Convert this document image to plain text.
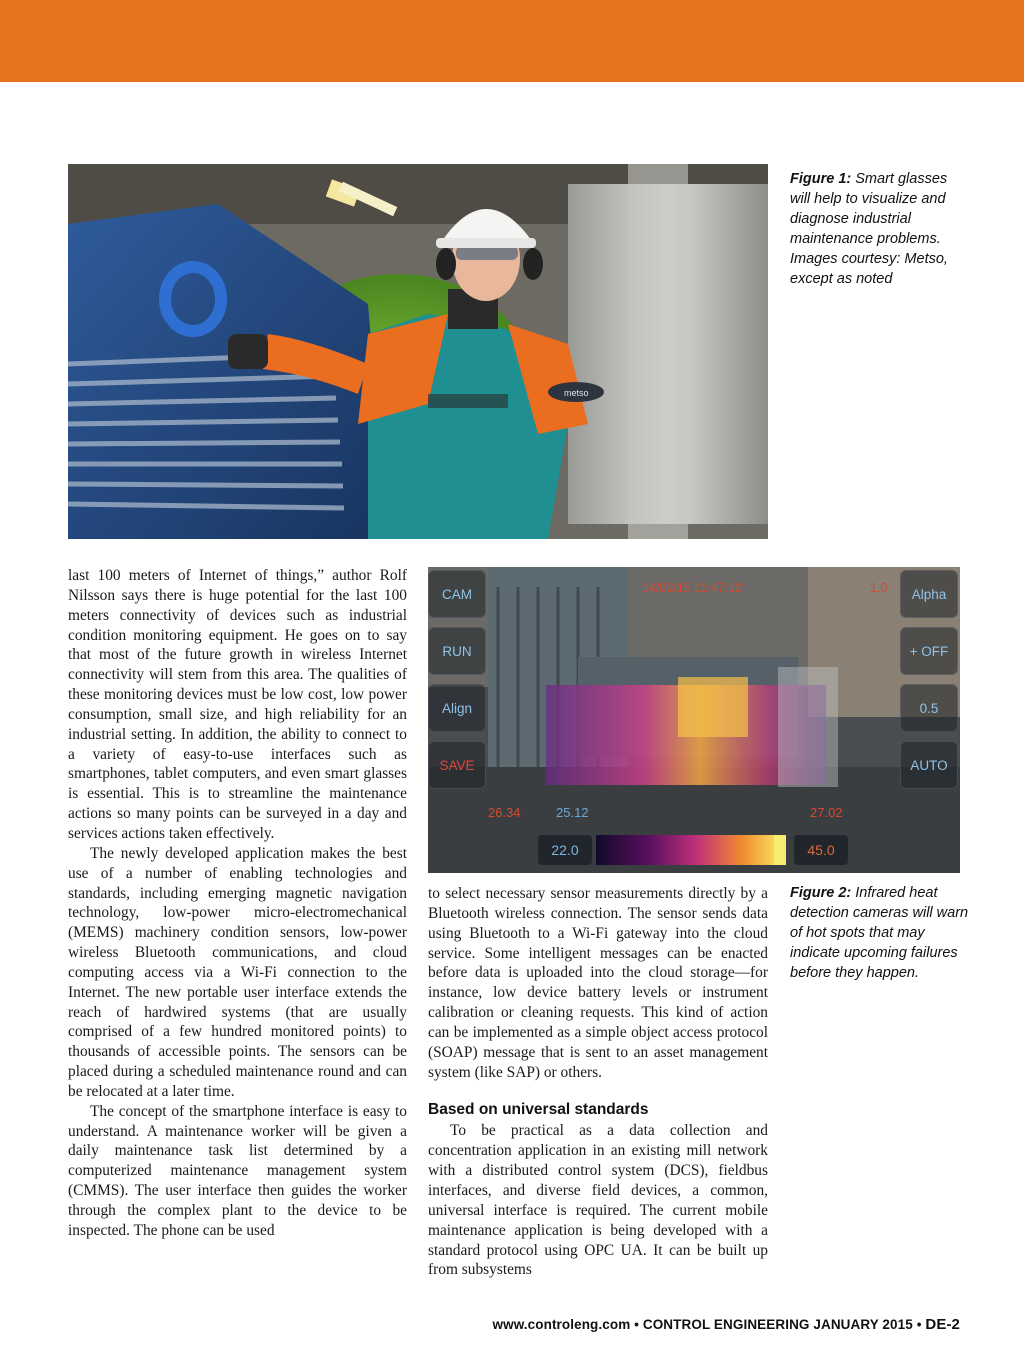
metso
Figure 1: Smart glasses will help to visualize and diagnose industrial maintenance problems. Images courtesy: Metso, except as noted
CAM
RUN
Align
SAVE
Alpha
+ OFF
0.5
AUTO
14/02/15 11:47:12	1.0
26.34	25.12	27.02
22.0	45.0
Figure 2: Infrared heat detection cameras will warn of hot spots that may indicate upcoming failures before they happen.

last 100 meters of Internet of things,” author Rolf Nilsson says there is huge potential for the last 100 meters connectivity of devices such as industrial condition monitoring equipment. He goes on to say that most of the future growth in wireless Internet connectivity will stem from this area. The qualities of these monitoring devices must be low cost, low power consumption, small size, and high reliability for an industrial setting. In addition, the ability to connect to a variety of easy-to-use interfaces such as smartphones, tablet computers, and even smart glasses is essential. This is to streamline the maintenance actions so many points can be surveyed in a day and services actions taken effectively.

The newly developed application makes the best use of a number of enabling technologies and standards, including emerging magnetic navigation technology, low-power micro-electromechanical (MEMS) machinery condition sensors, low-power wireless Bluetooth communications, and cloud computing access via a Wi-Fi connection to the Internet. The new portable user interface extends the reach of hardwired systems (that are usually comprised of a few hundred monitored points) to thousands of accessible points. The sensors can be placed during a scheduled maintenance round and can be relocated at a later time.

The concept of the smartphone interface is easy to understand. A maintenance worker will be given a daily maintenance task list determined by a computerized maintenance management system (CMMS). The user interface then guides the worker through the complex plant to the device to be inspected. The phone can be used

to select necessary sensor measurements directly by a Bluetooth wireless connection. The sensor sends data using Bluetooth to a Wi-Fi gateway into the cloud service. Some intelligent messages can be enacted before data is uploaded into the cloud storage—for instance, low device battery levels or instrument calibration or cleaning requests. This kind of action can be implemented as a simple object access protocol (SOAP) message that is sent to an asset management system (like SAP) or others.

Based on universal standards

To be practical as a data collection and concentration application in an existing mill network with a distributed control system (DCS), fieldbus interfaces, and diverse field devices, a common, universal interface is required. The current mobile maintenance application is being developed with a standard protocol using OPC UA. It can be built up from subsystems

www.controleng.com • CONTROL ENGINEERING JANUARY 2015 • DE-2
